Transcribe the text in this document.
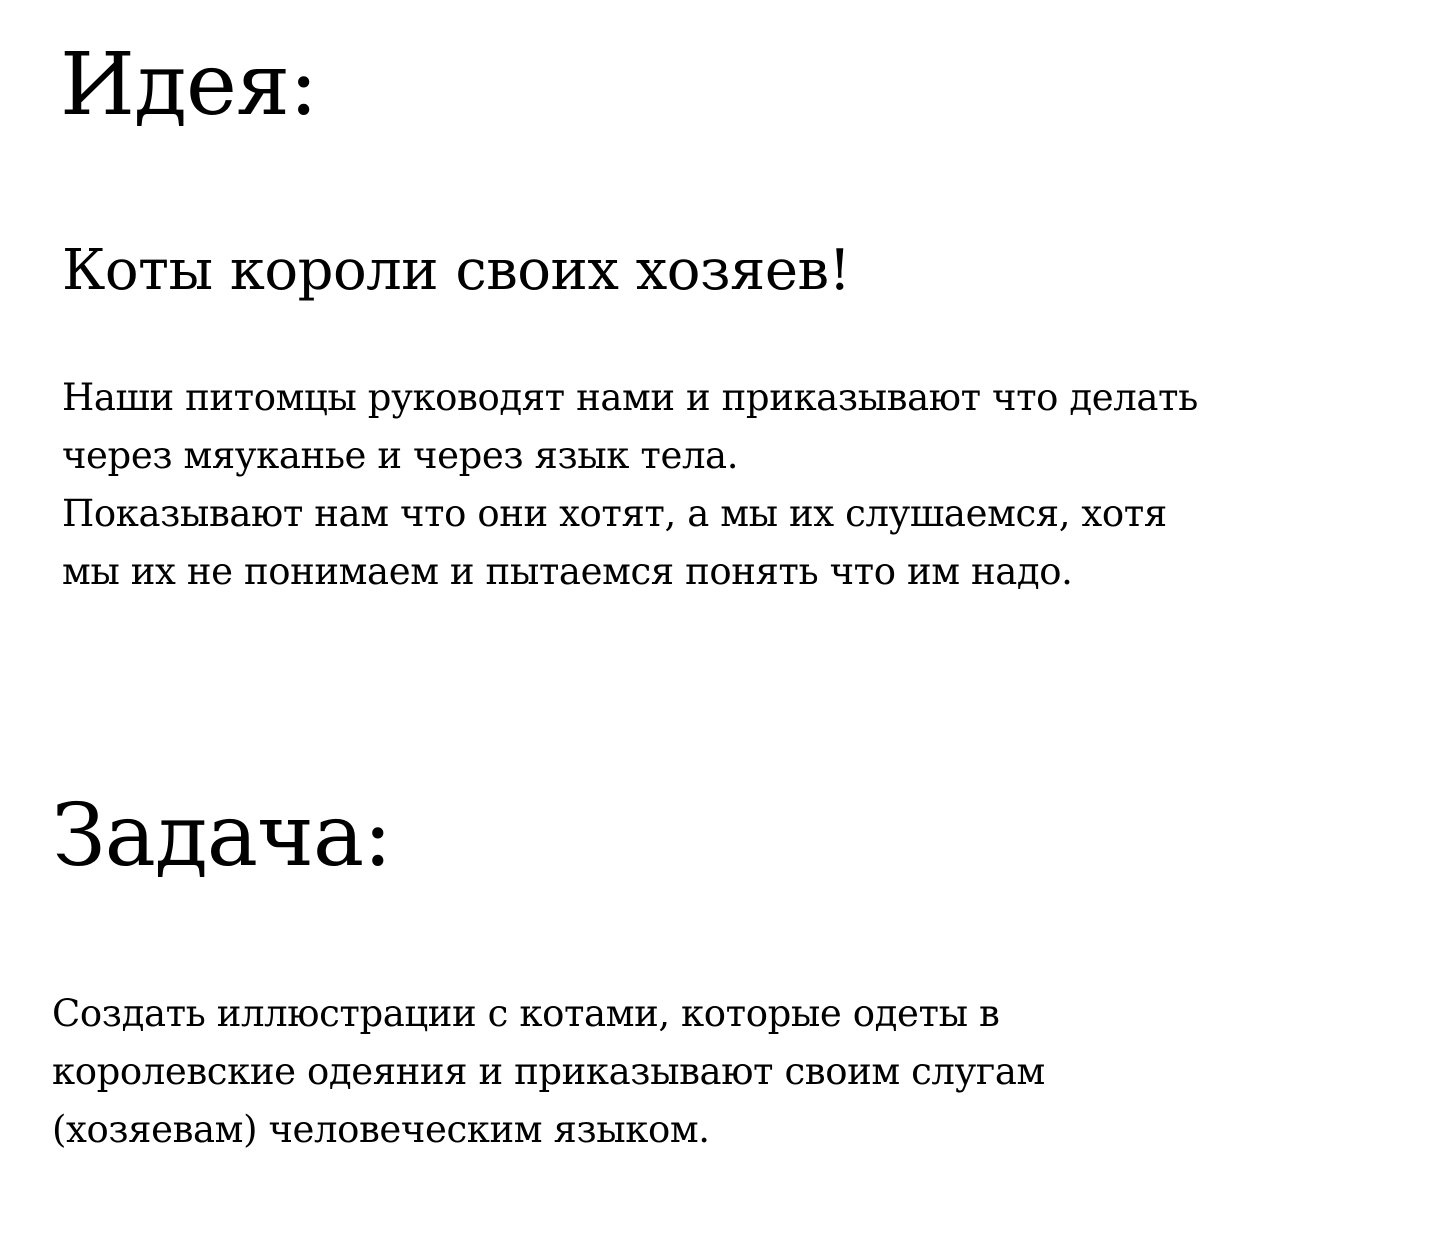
Идея:
Коты короли своих хозяев!
Наши питомцы руководят нами и приказывают что делать
через мяуканье и через язык тела.
Показывают нам что они хотят, а мы их слушаемся, хотя
мы их не понимаем и пытаемся понять что им надо.
Задача:
Создать иллюстрации с котами, которые одеты в
королевские одеяния и приказывают своим слугам
(хозяевам) человеческим языком.
